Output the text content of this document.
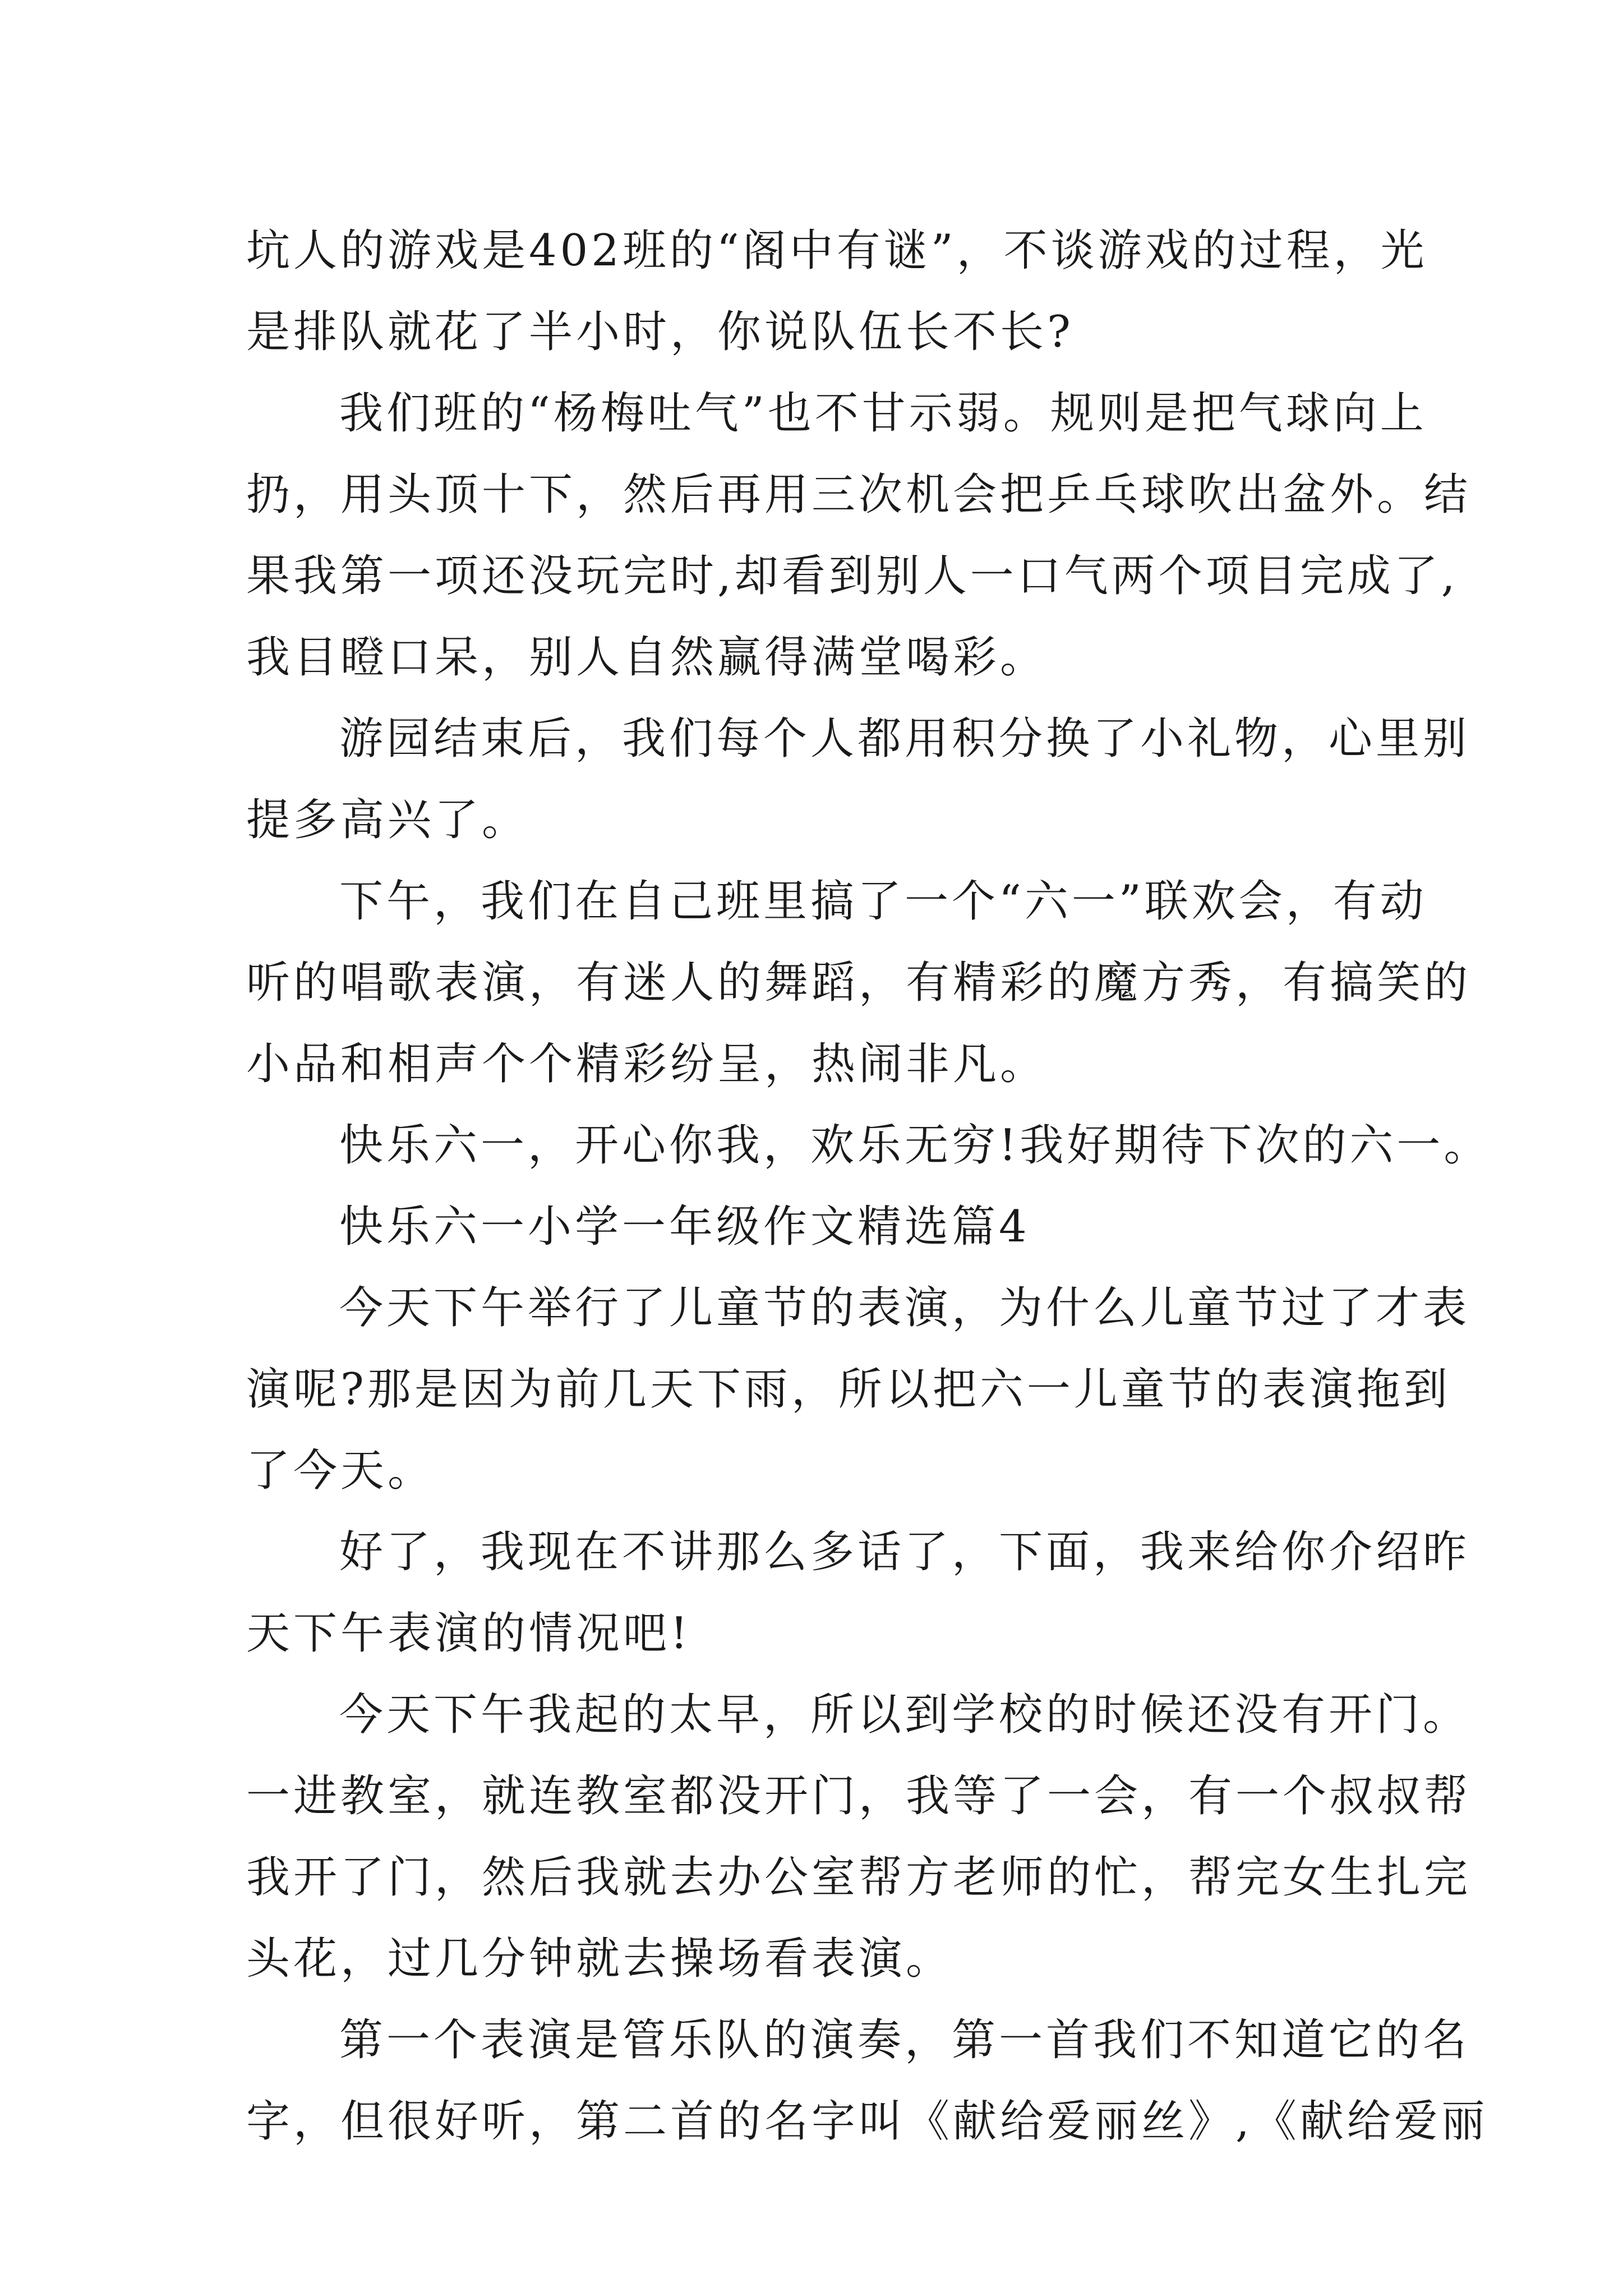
坑人的游戏是402班的“阁中有谜”，不谈游戏的过程，光
是排队就花了半小时，你说队伍长不长?
我们班的“杨梅吐气”也不甘示弱。规则是把气球向上
扔，用头顶十下，然后再用三次机会把乒乓球吹出盆外。结
果我第一项还没玩完时,却看到别人一口气两个项目完成了,
我目瞪口呆，别人自然赢得满堂喝彩。
游园结束后，我们每个人都用积分换了小礼物，心里别
提多高兴了。
下午，我们在自己班里搞了一个“六一”联欢会，有动
听的唱歌表演，有迷人的舞蹈，有精彩的魔方秀，有搞笑的
小品和相声个个精彩纷呈，热闹非凡。
快乐六一，开心你我，欢乐无穷!我好期待下次的六一。
快乐六一小学一年级作文精选篇4
今天下午举行了儿童节的表演，为什么儿童节过了才表
演呢?那是因为前几天下雨，所以把六一儿童节的表演拖到
了今天。
好了，我现在不讲那么多话了，下面，我来给你介绍昨
天下午表演的情况吧!
今天下午我起的太早，所以到学校的时候还没有开门。
一进教室，就连教室都没开门，我等了一会，有一个叔叔帮
我开了门，然后我就去办公室帮方老师的忙，帮完女生扎完
头花，过几分钟就去操场看表演。
第一个表演是管乐队的演奏，第一首我们不知道它的名
字，但很好听，第二首的名字叫《献给爱丽丝》,《献给爱丽
